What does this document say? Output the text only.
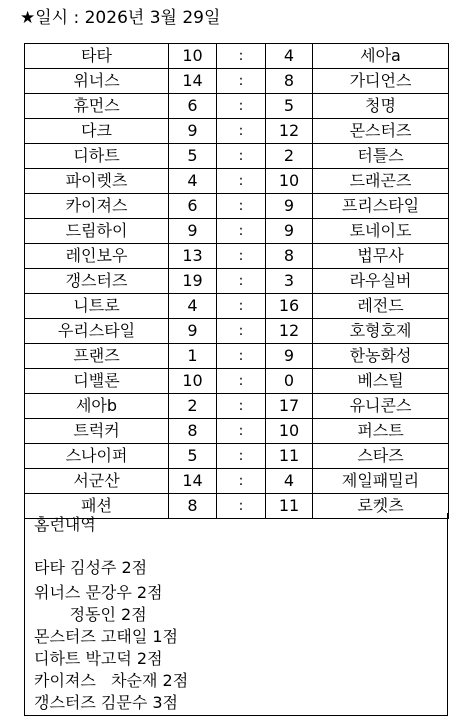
★일시 : 2026년 3월 29일
타타	10	:	4	세아a
위너스	14	:	8	가디언스
휴먼스	6	:	5	청명
다크	9	:	12	몬스터즈
디하트	5	:	2	터틀스
파이렛츠	4	:	10	드래곤즈
카이져스	6	:	9	프리스타일
드림하이	9	:	9	토네이도
레인보우	13	:	8	법무사
갱스터즈	19	:	3	라우실버
니트로	4	:	16	레전드
우리스타일	9	:	12	호형호제
프랜즈	1	:	9	한농화성
디밸론	10	:	0	베스틸
세아b	2	:	17	유니콘스
트럭커	8	:	10	퍼스트
스나이퍼	5	:	11	스타즈
서군산	14	:	4	제일패밀리
패션	8	:	11	로켓츠
홈런내역
타타 김성주 2점
위너스 문강우 2점
정동인 2점
몬스터즈 고태일 1점
디하트 박고덕 2점
카이져스   차순재 2점
갱스터즈 김문수 3점
